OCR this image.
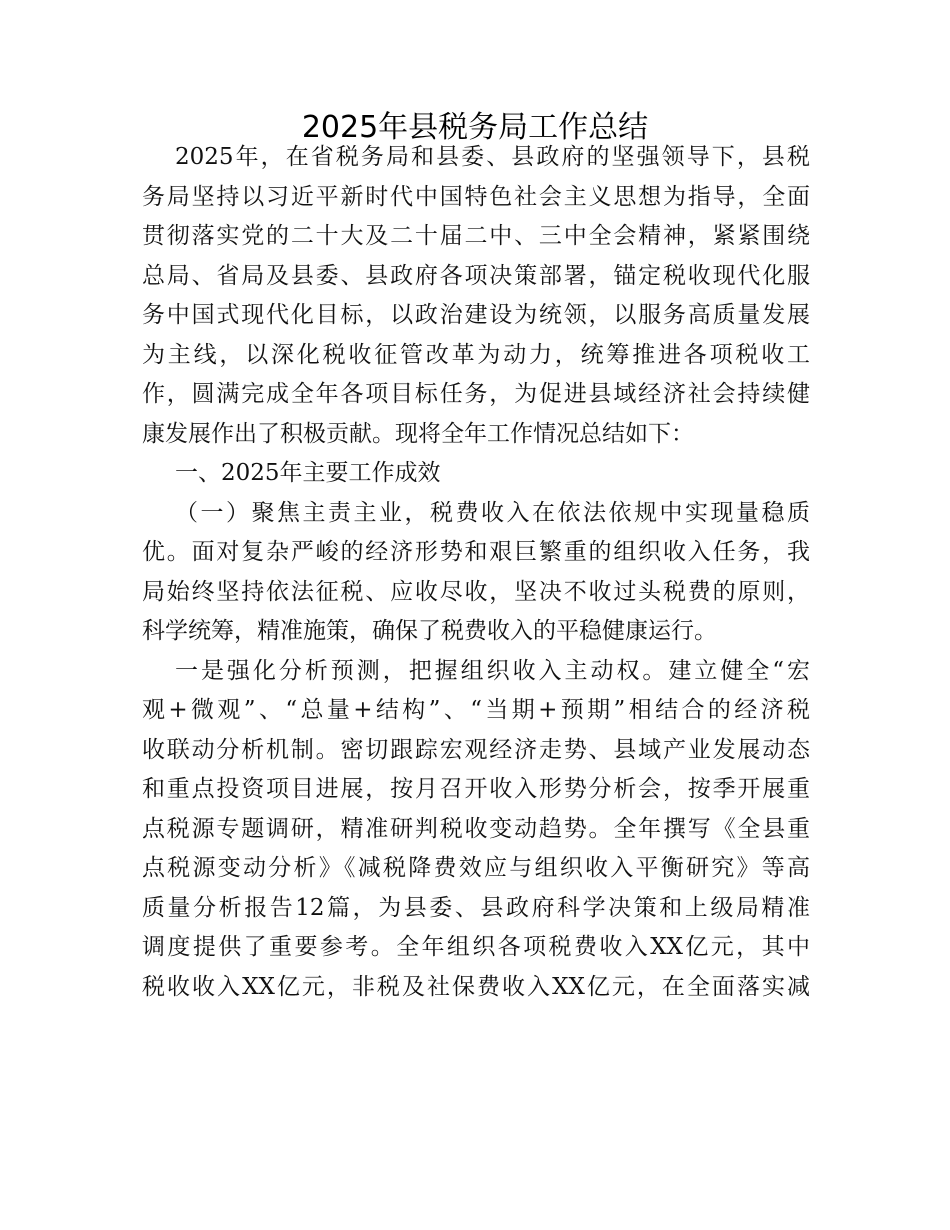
2025年县税务局工作总结
2025年，在省税务局和县委、县政府的坚强领导下，县税
务局坚持以习近平新时代中国特色社会主义思想为指导，全面
贯彻落实党的二十大及二十届二中、三中全会精神，紧紧围绕
总局、省局及县委、县政府各项决策部署，锚定税收现代化服
务中国式现代化目标，以政治建设为统领，以服务高质量发展
为主线，以深化税收征管改革为动力，统筹推进各项税收工
作，圆满完成全年各项目标任务，为促进县域经济社会持续健
康发展作出了积极贡献。现将全年工作情况总结如下：
一、2025年主要工作成效
（一）聚焦主责主业，税费收入在依法依规中实现量稳质
优。面对复杂严峻的经济形势和艰巨繁重的组织收入任务，我
局始终坚持依法征税、应收尽收，坚决不收过头税费的原则，
科学统筹，精准施策，确保了税费收入的平稳健康运行。
一是强化分析预测，把握组织收入主动权。建立健全“宏
观+微观”、“总量+结构”、“当期+预期”相结合的经济税
收联动分析机制。密切跟踪宏观经济走势、县域产业发展动态
和重点投资项目进展，按月召开收入形势分析会，按季开展重
点税源专题调研，精准研判税收变动趋势。全年撰写《全县重
点税源变动分析》《减税降费效应与组织收入平衡研究》等高
质量分析报告12篇，为县委、县政府科学决策和上级局精准
调度提供了重要参考。全年组织各项税费收入XX亿元，其中
税收收入XX亿元，非税及社保费收入XX亿元，在全面落实减
